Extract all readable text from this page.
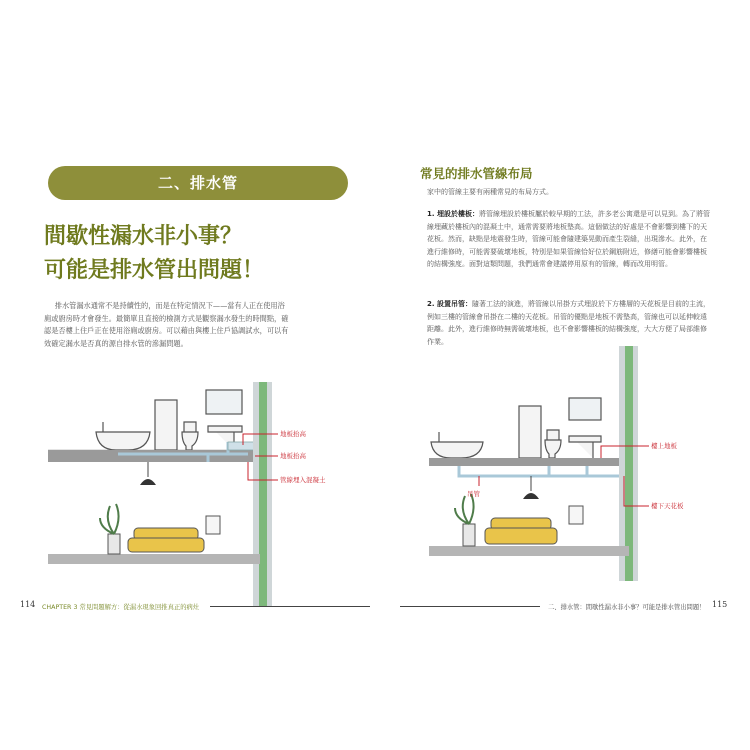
二、排水管
間歇性漏水非小事？
可能是排水管出問題！
排水管漏水通常不是持續性的，而是在特定情況下——當有人正在使用浴廁或廚房時才會發生。最簡單且直接的檢測方式是觀察漏水發生的時間點，確認是否樓上住戶正在使用浴廁或廚房。可以藉由與樓上住戶協調試水，可以有效確定漏水是否真的源自排水管的滲漏問題。
地板抬高
地板抬高
管線埋入混凝土
常見的排水管線布局
家中的管線主要有兩種常見的布局方式。
1. 埋設於樓板：將管線埋設於樓板屬於較早期的工法，許多老公寓還是可以見到。為了將管線埋藏於樓板內的混凝土中，通常需要將地板墊高。這個做法的好處是不會影響到樓下的天花板。然而，缺點是地震發生時，管線可能會隨建築晃動而產生裂縫，出現滲水。此外，在進行維修時，可能需要破壞地板，特別是如果管線恰好位於鋼筋附近，修繕可能會影響樓板的結構強度。面對這類問題，我們通常會建議停用原有的管線，轉而改用明管。
2. 設置吊管：隨著工法的演進，將管線以吊掛方式埋設於下方樓層的天花板是目前的主流，例如三樓的管線會吊掛在二樓的天花板。吊管的優點是地板不需墊高，管線也可以延伸較遠距離。此外，進行維修時無需破壞地板，也不會影響樓板的結構強度，大大方便了局部維修作業。
樓上地板
吊管
樓下天花板
114 CHAPTER 3 常見問題解方：從漏水現象回推真正的病灶	二、排水管：間歇性漏水非小事？可能是排水管出問題！ 115
